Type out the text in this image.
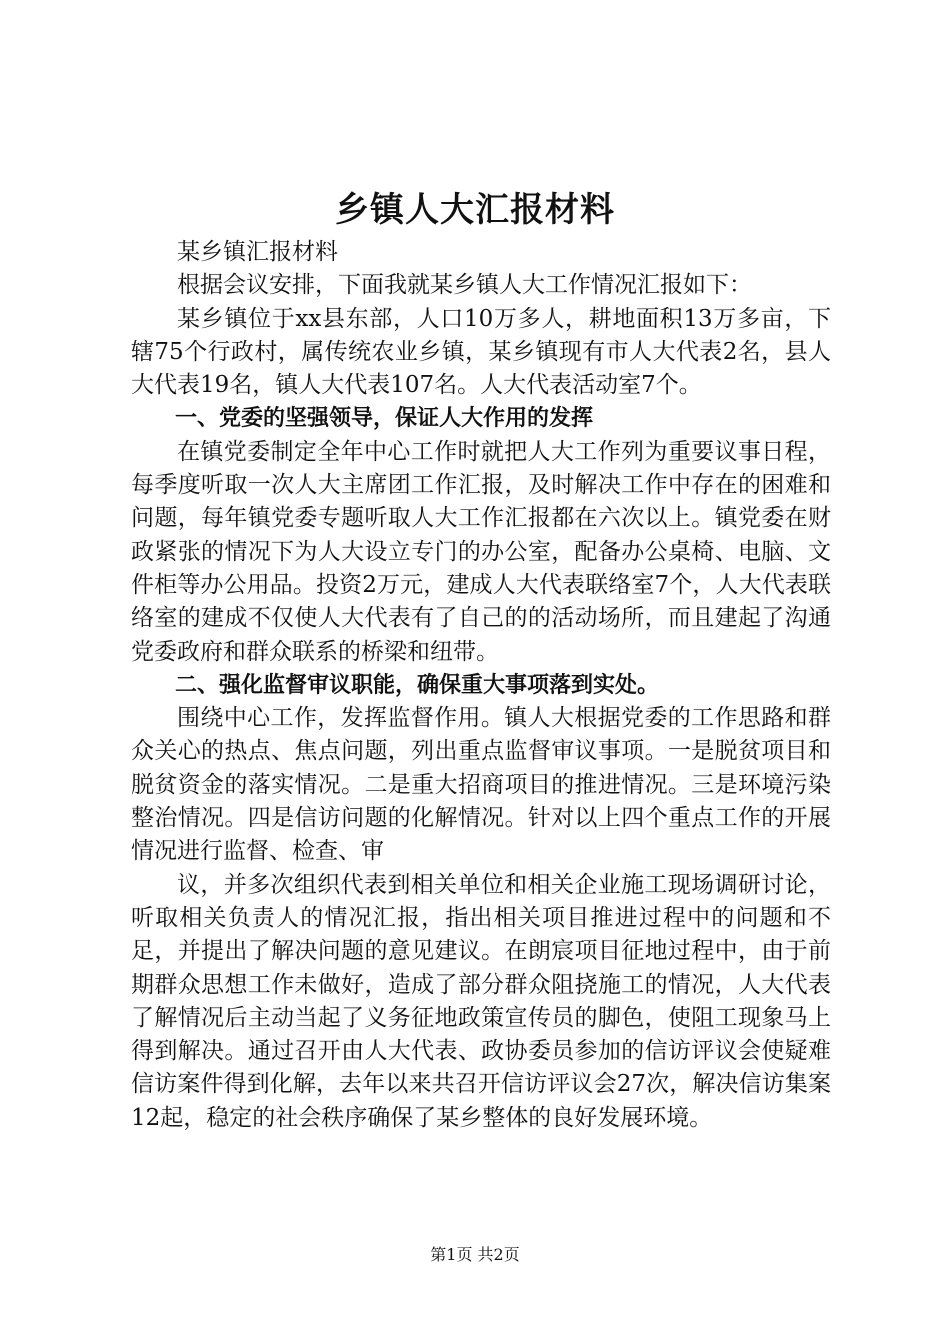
乡镇人大汇报材料

某乡镇汇报材料

根据会议安排，下面我就某乡镇人大工作情况汇报如下：

某乡镇位于xx县东部，人口10万多人，耕地面积13万多亩，下辖75个行政村，属传统农业乡镇，某乡镇现有市人大代表2名，县人大代表19名，镇人大代表107名。人大代表活动室7个。

一、党委的坚强领导，保证人大作用的发挥

在镇党委制定全年中心工作时就把人大工作列为重要议事日程，每季度听取一次人大主席团工作汇报，及时解决工作中存在的困难和问题，每年镇党委专题听取人大工作汇报都在六次以上。镇党委在财政紧张的情况下为人大设立专门的办公室，配备办公桌椅、电脑、文件柜等办公用品。投资2万元，建成人大代表联络室7个，人大代表联络室的建成不仅使人大代表有了自己的的活动场所，而且建起了沟通党委政府和群众联系的桥梁和纽带。

二、强化监督审议职能，确保重大事项落到实处。

围绕中心工作，发挥监督作用。镇人大根据党委的工作思路和群众关心的热点、焦点问题，列出重点监督审议事项。一是脱贫项目和脱贫资金的落实情况。二是重大招商项目的推进情况。三是环境污染整治情况。四是信访问题的化解情况。针对以上四个重点工作的开展情况进行监督、检查、审

议，并多次组织代表到相关单位和相关企业施工现场调研讨论，听取相关负责人的情况汇报，指出相关项目推进过程中的问题和不足，并提出了解决问题的意见建议。在朗宸项目征地过程中，由于前期群众思想工作未做好，造成了部分群众阻挠施工的情况，人大代表了解情况后主动当起了义务征地政策宣传员的脚色，使阻工现象马上得到解决。通过召开由人大代表、政协委员参加的信访评议会使疑难信访案件得到化解，去年以来共召开信访评议会27次，解决信访集案12起，稳定的社会秩序确保了某乡整体的良好发展环境。

第1页 共2页
